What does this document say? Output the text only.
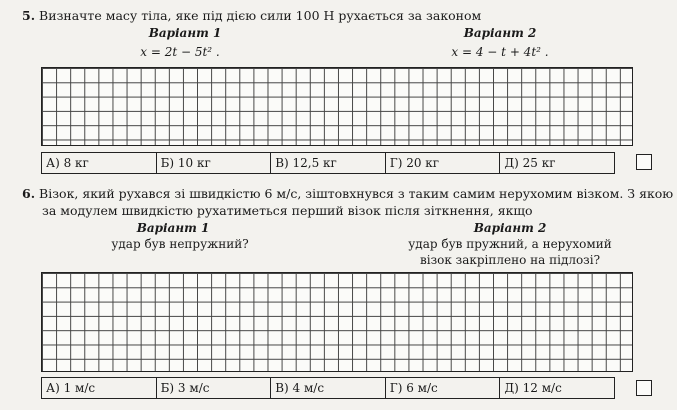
5. Визначте масу тіла, яке під дією сили 100 Н рухається за законом
Варіант 1	Варіант 2
x = 2t − 5t² .	x = 4 − t + 4t² .
А) 8 кг	Б) 10 кг	В) 12,5 кг	Г) 20 кг	Д) 25 кг
6. Візок, який рухався зі швидкістю 6 м/с, зіштовхнувся з таким самим нерухомим візком. З якою
за модулем швидкістю рухатиметься перший візок після зіткнення, якщо
Варіант 1	Варіант 2
удар був непружний?	удар був пружний, а нерухомий
візок закріплено на підлозі?
А) 1 м/с	Б) 3 м/с	В) 4 м/с	Г) 6 м/с	Д) 12 м/с
